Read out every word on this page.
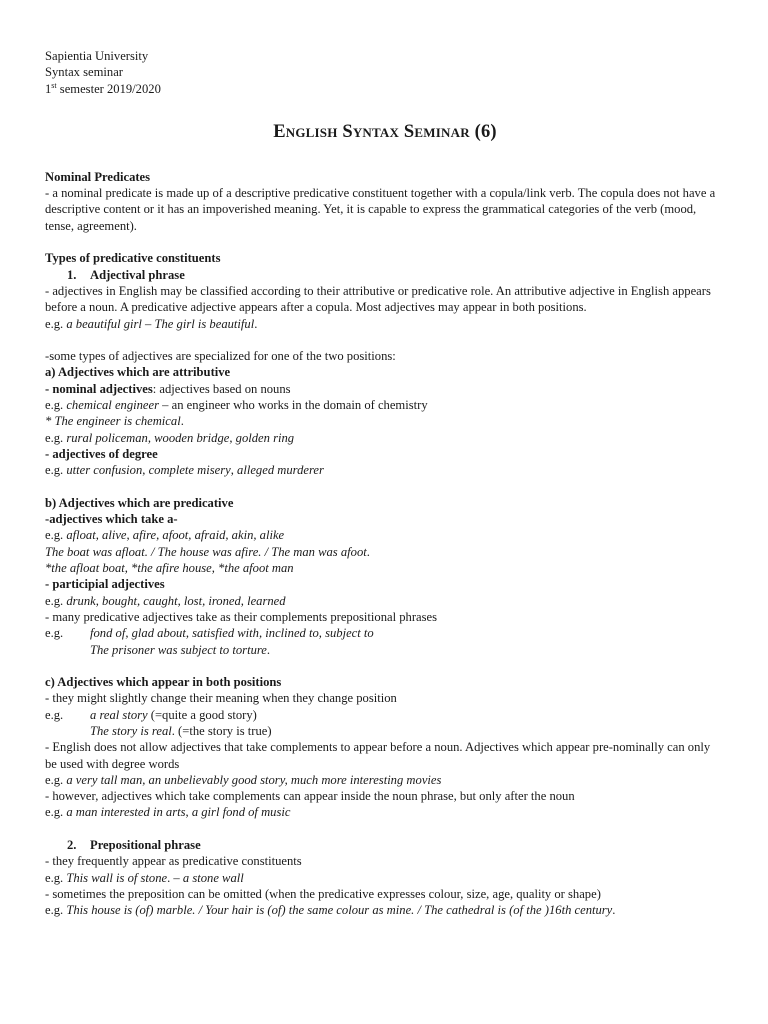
Sapientia University
Syntax seminar
1st semester 2019/2020
English Syntax Seminar (6)
Nominal Predicates
- a nominal predicate is made up of a descriptive predicative constituent together with a copula/link verb. The copula does not have a descriptive content or it has an impoverished meaning. Yet, it is capable to express the grammatical categories of the verb (mood, tense, agreement).
Types of predicative constituents
1. Adjectival phrase
- adjectives in English may be classified according to their attributive or predicative role. An attributive adjective in English appears before a noun. A predicative adjective appears after a copula. Most adjectives may appear in both positions.
e.g. a beautiful girl – The girl is beautiful.
-some types of adjectives are specialized for one of the two positions:
a) Adjectives which are attributive
- nominal adjectives: adjectives based on nouns
e.g. chemical engineer – an engineer who works in the domain of chemistry
* The engineer is chemical.
e.g. rural policeman, wooden bridge, golden ring
- adjectives of degree
e.g. utter confusion, complete misery, alleged murderer
b) Adjectives which are predicative
-adjectives which take a-
e.g. afloat, alive, afire, afoot, afraid, akin, alike
The boat was afloat. / The house was afire. / The man was afoot.
*the afloat boat, *the afire house, *the afoot man
- participial adjectives
e.g. drunk, bought, caught, lost, ironed, learned
- many predicative adjectives take as their complements prepositional phrases
e.g. fond of, glad about, satisfied with, inclined to, subject to
The prisoner was subject to torture.
c) Adjectives which appear in both positions
- they might slightly change their meaning when they change position
e.g. a real story (=quite a good story)
The story is real. (=the story is true)
- English does not allow adjectives that take complements to appear before a noun. Adjectives which appear pre-nominally can only be used with degree words
e.g. a very tall man, an unbelievably good story, much more interesting movies
- however, adjectives which take complements can appear inside the noun phrase, but only after the noun
e.g. a man interested in arts, a girl fond of music
2. Prepositional phrase
- they frequently appear as predicative constituents
e.g. This wall is of stone. – a stone wall
- sometimes the preposition can be omitted (when the predicative expresses colour, size, age, quality or shape)
e.g. This house is (of) marble. / Your hair is (of) the same colour as mine. / The cathedral is (of the )16th century.
